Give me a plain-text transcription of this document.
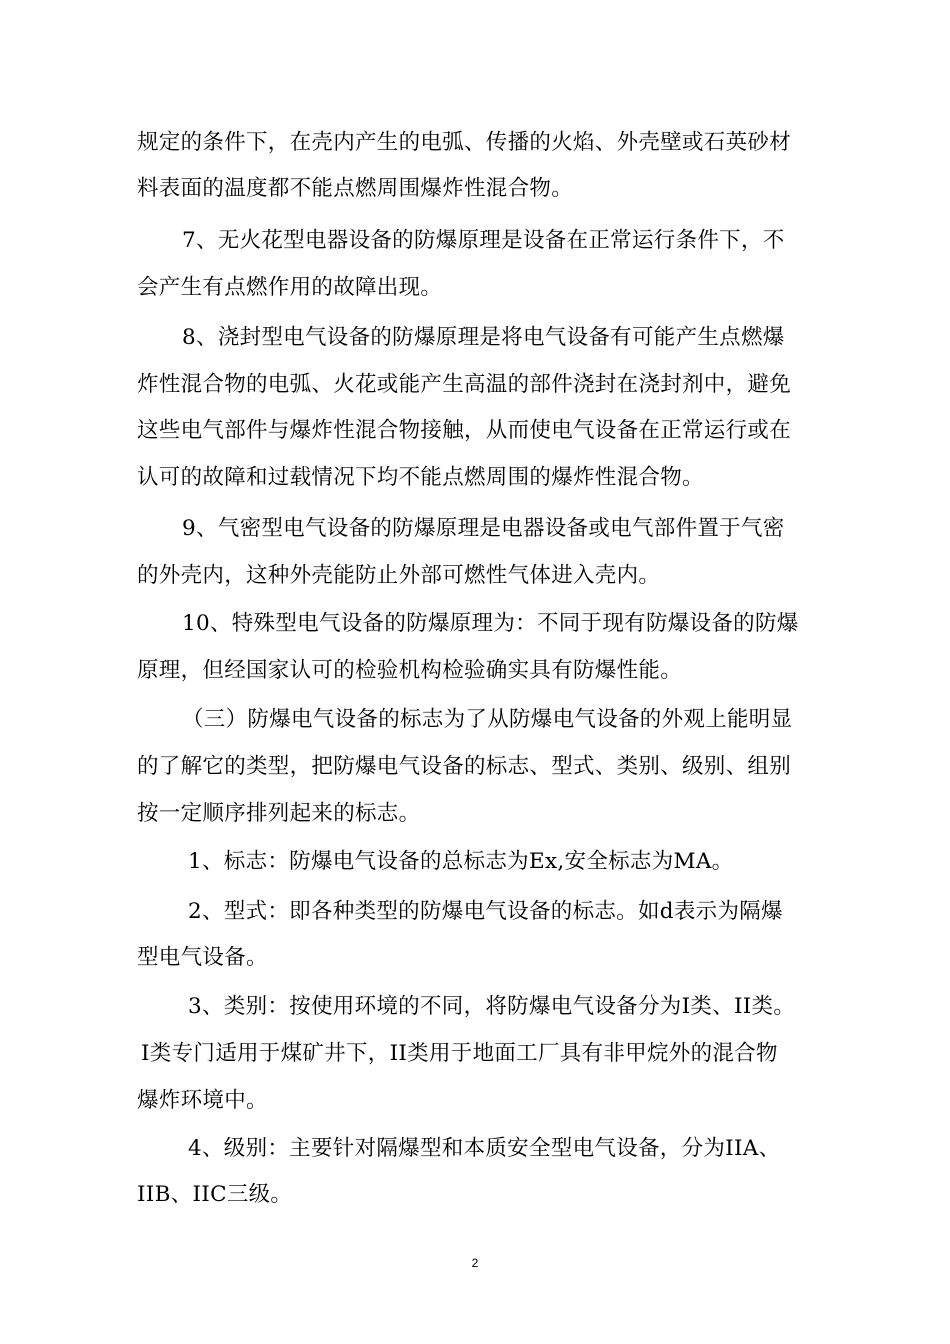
规定的条件下，在壳内产生的电弧、传播的火焰、外壳壁或石英砂材
料表面的温度都不能点燃周围爆炸性混合物。
7、无火花型电器设备的防爆原理是设备在正常运行条件下，不
会产生有点燃作用的故障出现。
8、浇封型电气设备的防爆原理是将电气设备有可能产生点燃爆
炸性混合物的电弧、火花或能产生高温的部件浇封在浇封剂中，避免
这些电气部件与爆炸性混合物接触，从而使电气设备在正常运行或在
认可的故障和过载情况下均不能点燃周围的爆炸性混合物。
9、气密型电气设备的防爆原理是电器设备或电气部件置于气密
的外壳内，这种外壳能防止外部可燃性气体进入壳内。
10、特殊型电气设备的防爆原理为：不同于现有防爆设备的防爆
原理，但经国家认可的检验机构检验确实具有防爆性能。
（三）防爆电气设备的标志为了从防爆电气设备的外观上能明显
的了解它的类型，把防爆电气设备的标志、型式、类别、级别、组别
按一定顺序排列起来的标志。
1、标志：防爆电气设备的总标志为Ex,安全标志为MA。
2、型式：即各种类型的防爆电气设备的标志。如d表示为隔爆
型电气设备。
3、类别：按使用环境的不同，将防爆电气设备分为I类、II类。
I类专门适用于煤矿井下，II类用于地面工厂具有非甲烷外的混合物
爆炸环境中。
4、级别：主要针对隔爆型和本质安全型电气设备，分为IIA、
IIB、IIC三级。
2
